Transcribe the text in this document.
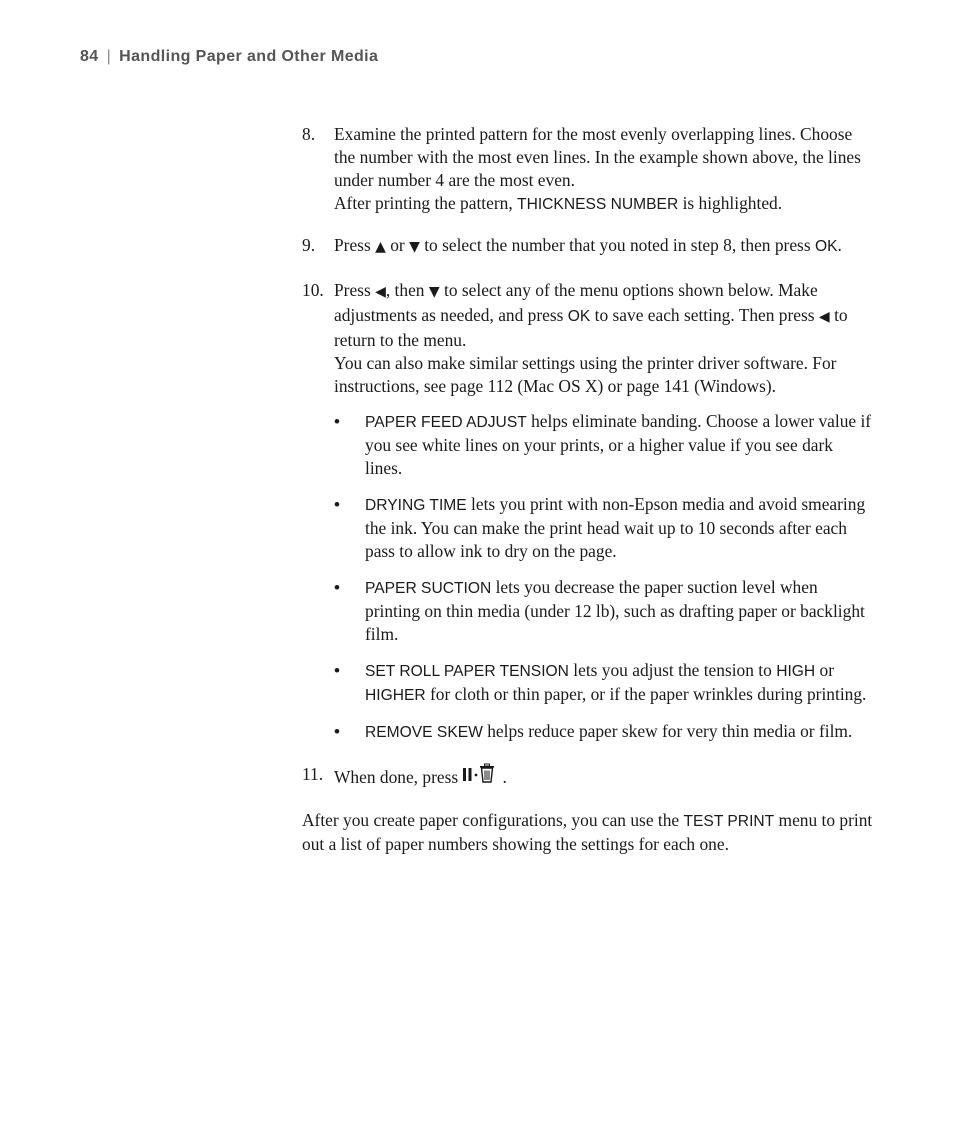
84 | Handling Paper and Other Media
8.	Examine the printed pattern for the most evenly overlapping lines. Choose the number with the most even lines. In the example shown above, the lines under number 4 are the most even.

After printing the pattern, THICKNESS NUMBER is highlighted.

9.	Press ▲ or ▼ to select the number that you noted in step 8, then press OK.

10. Press ◀, then ▼ to select any of the menu options shown below. Make adjustments as needed, and press OK to save each setting. Then press ◀ to return to the menu.

You can also make similar settings using the printer driver software. For instructions, see page 112 (Mac OS X) or page 141 (Windows).

•	PAPER FEED ADJUST helps eliminate banding. Choose a lower value if you see white lines on your prints, or a higher value if you see dark lines.
•	DRYING TIME lets you print with non-Epson media and avoid smearing the ink. You can make the print head wait up to 10 seconds after each pass to allow ink to dry on the page.
•	PAPER SUCTION lets you decrease the paper suction level when printing on thin media (under 12 lb), such as drafting paper or backlight film.
•	SET ROLL PAPER TENSION lets you adjust the tension to HIGH or HIGHER for cloth or thin paper, or if the paper wrinkles during printing.
•	REMOVE SKEW helps reduce paper skew for very thin media or film.
11. When done, press	.

After you create paper configurations, you can use the TEST PRINT menu to print out a list of paper numbers showing the settings for each one.
